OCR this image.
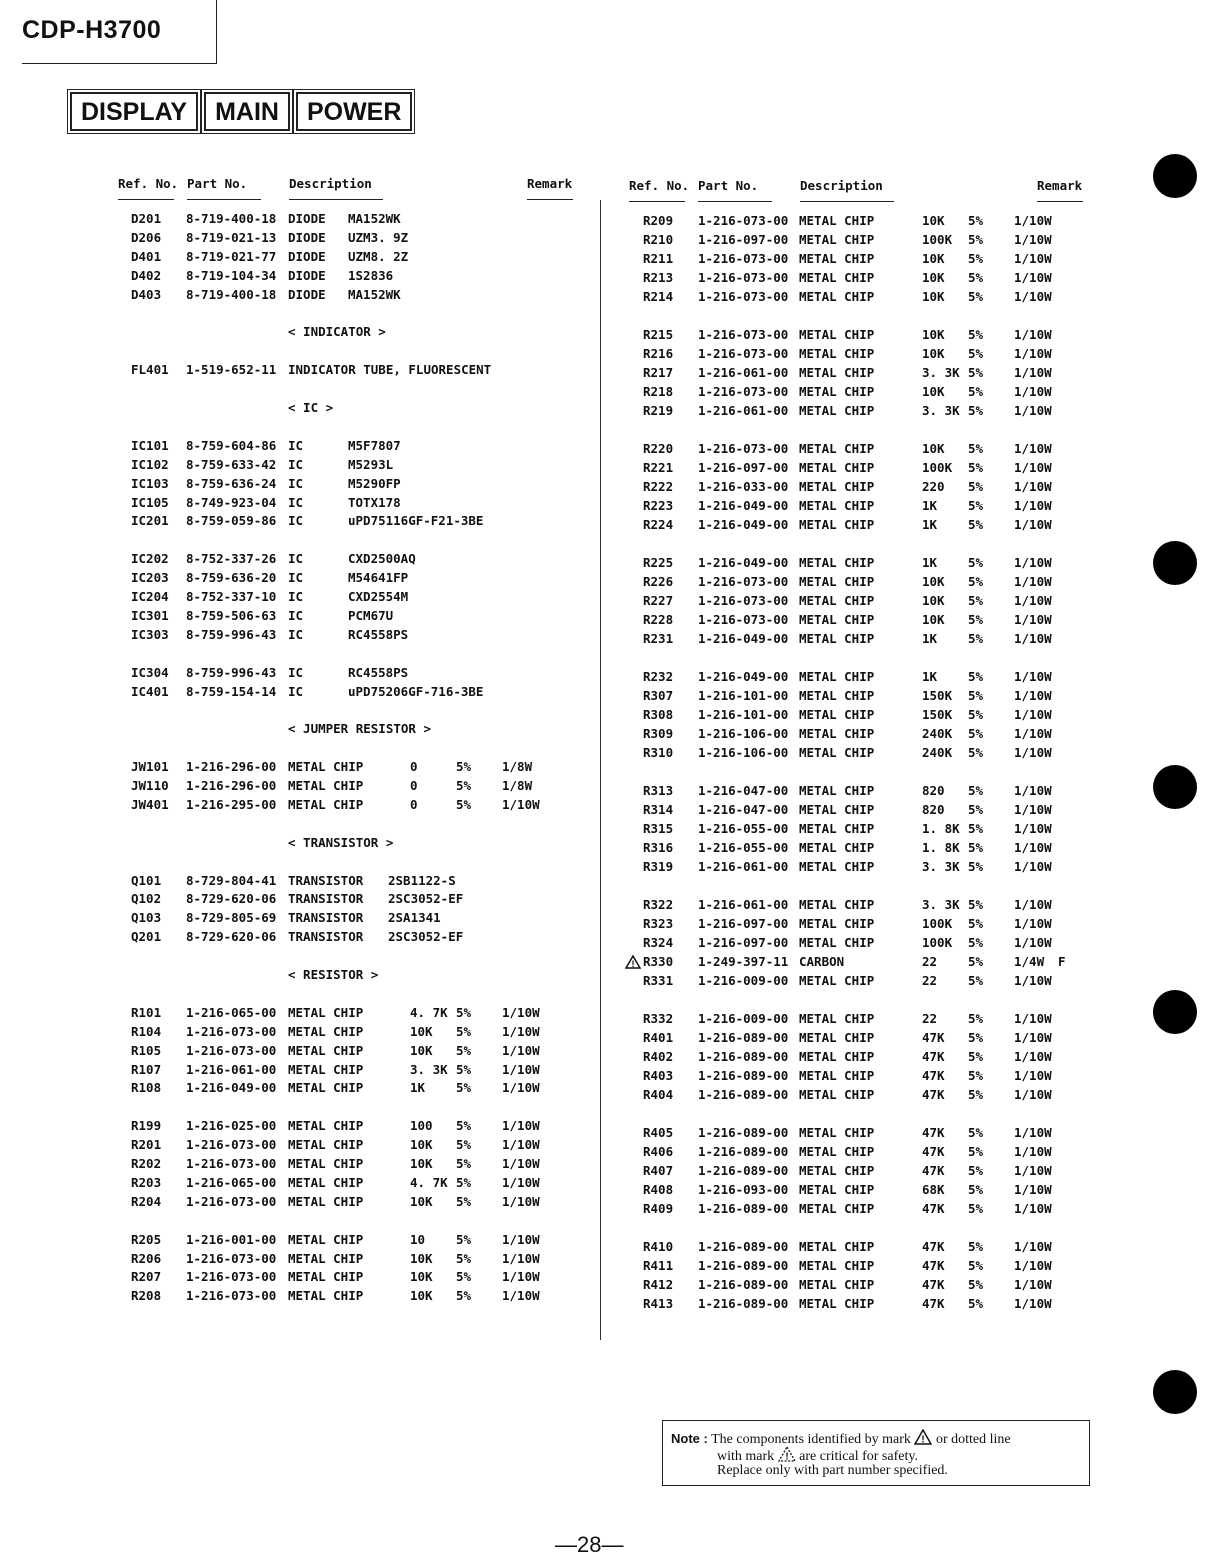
CDP-H3700
DISPLAY	MAIN	POWER
Ref. No. Part No.	Description	Remark	Ref. No. Part No.	Description	Remark
D201 8-719-400-18 DIODE MA152WK
D206 8-719-021-13 DIODE UZM3. 9Z
D401 8-719-021-77 DIODE UZM8. 2Z
D402 8-719-104-34 DIODE 1S2836
D403 8-719-400-18 DIODE MA152WK
< INDICATOR >
FL401 1-519-652-11 INDICATOR TUBE, FLUORESCENT
< IC >
IC101 8-759-604-86 IC	M5F7807
IC102 8-759-633-42 IC	M5293L
IC103 8-759-636-24 IC	M5290FP
IC105 8-749-923-04 IC	TOTX178
IC201 8-759-059-86 IC	uPD75116GF-F21-3BE
IC202 8-752-337-26 IC	CXD2500AQ
IC203 8-759-636-20 IC	M54641FP
IC204 8-752-337-10 IC	CXD2554M
IC301 8-759-506-63 IC	PCM67U
IC303 8-759-996-43 IC	RC4558PS
IC304 8-759-996-43 IC	RC4558PS
IC401 8-759-154-14 IC	uPD75206GF-716-3BE
< JUMPER RESISTOR >
JW101 1-216-296-00 METAL CHIP	0	5% 1/8W
JW110 1-216-296-00 METAL CHIP	0	5% 1/8W
JW401 1-216-295-00 METAL CHIP	0	5% 1/10W
< TRANSISTOR >
Q101 8-729-804-41 TRANSISTOR 2SB1122-S
Q102 8-729-620-06 TRANSISTOR 2SC3052-EF
Q103 8-729-805-69 TRANSISTOR 2SA1341
Q201 8-729-620-06 TRANSISTOR 2SC3052-EF
< RESISTOR >
R101 1-216-065-00 METAL CHIP	4. 7K 5% 1/10W
R104 1-216-073-00 METAL CHIP	10K 5% 1/10W
R105 1-216-073-00 METAL CHIP	10K 5% 1/10W
R107 1-216-061-00 METAL CHIP	3. 3K 5% 1/10W
R108 1-216-049-00 METAL CHIP	1K 5% 1/10W
R199 1-216-025-00 METAL CHIP	100 5% 1/10W
R201 1-216-073-00 METAL CHIP	10K 5% 1/10W
R202 1-216-073-00 METAL CHIP	10K 5% 1/10W
R203 1-216-065-00 METAL CHIP	4. 7K 5% 1/10W
R204 1-216-073-00 METAL CHIP	10K 5% 1/10W
R205 1-216-001-00 METAL CHIP	10 5% 1/10W
R206 1-216-073-00 METAL CHIP	10K 5% 1/10W
R207 1-216-073-00 METAL CHIP	10K 5% 1/10W
R208 1-216-073-00 METAL CHIP	10K 5% 1/10W
R209 1-216-073-00 METAL CHIP	10K 5% 1/10W
R210 1-216-097-00 METAL CHIP	100K 5% 1/10W
R211 1-216-073-00 METAL CHIP	10K 5% 1/10W
R213 1-216-073-00 METAL CHIP	10K 5% 1/10W
R214 1-216-073-00 METAL CHIP	10K 5% 1/10W
R215 1-216-073-00 METAL CHIP	10K 5% 1/10W
R216 1-216-073-00 METAL CHIP	10K 5% 1/10W
R217 1-216-061-00 METAL CHIP	3. 3K 5% 1/10W
R218 1-216-073-00 METAL CHIP	10K 5% 1/10W
R219 1-216-061-00 METAL CHIP	3. 3K 5% 1/10W
R220 1-216-073-00 METAL CHIP	10K 5% 1/10W
R221 1-216-097-00 METAL CHIP	100K 5% 1/10W
R222 1-216-033-00 METAL CHIP	220 5% 1/10W
R223 1-216-049-00 METAL CHIP	1K 5% 1/10W
R224 1-216-049-00 METAL CHIP	1K 5% 1/10W
R225 1-216-049-00 METAL CHIP	1K 5% 1/10W
R226 1-216-073-00 METAL CHIP	10K 5% 1/10W
R227 1-216-073-00 METAL CHIP	10K 5% 1/10W
R228 1-216-073-00 METAL CHIP	10K 5% 1/10W
R231 1-216-049-00 METAL CHIP	1K 5% 1/10W
R232 1-216-049-00 METAL CHIP	1K 5% 1/10W
R307 1-216-101-00 METAL CHIP	150K 5% 1/10W
R308 1-216-101-00 METAL CHIP	150K 5% 1/10W
R309 1-216-106-00 METAL CHIP	240K 5% 1/10W
R310 1-216-106-00 METAL CHIP	240K 5% 1/10W
R313 1-216-047-00 METAL CHIP	820 5% 1/10W
R314 1-216-047-00 METAL CHIP	820 5% 1/10W
R315 1-216-055-00 METAL CHIP	1. 8K 5% 1/10W
R316 1-216-055-00 METAL CHIP	1. 8K 5% 1/10W
R319 1-216-061-00 METAL CHIP	3. 3K 5% 1/10W
R322 1-216-061-00 METAL CHIP	3. 3K 5% 1/10W
R323 1-216-097-00 METAL CHIP	100K 5% 1/10W
R324 1-216-097-00 METAL CHIP	100K 5% 1/10W
! R330 1-249-397-11 CARBON	22 5% 1/4W F
R331 1-216-009-00 METAL CHIP	22 5% 1/10W
R332 1-216-009-00 METAL CHIP	22 5% 1/10W
R401 1-216-089-00 METAL CHIP	47K 5% 1/10W
R402 1-216-089-00 METAL CHIP	47K 5% 1/10W
R403 1-216-089-00 METAL CHIP	47K 5% 1/10W
R404 1-216-089-00 METAL CHIP	47K 5% 1/10W
R405 1-216-089-00 METAL CHIP	47K 5% 1/10W
R406 1-216-089-00 METAL CHIP	47K 5% 1/10W
R407 1-216-089-00 METAL CHIP	47K 5% 1/10W
R408 1-216-093-00 METAL CHIP	68K 5% 1/10W
R409 1-216-089-00 METAL CHIP	47K 5% 1/10W
R410 1-216-089-00 METAL CHIP	47K 5% 1/10W
R411 1-216-089-00 METAL CHIP	47K 5% 1/10W
R412 1-216-089-00 METAL CHIP	47K 5% 1/10W
R413 1-216-089-00 METAL CHIP	47K 5% 1/10W
Note : The components identified by mark ! or dotted line
with mark ! are critical for safety.
Replace only with part number specified.
—28—
